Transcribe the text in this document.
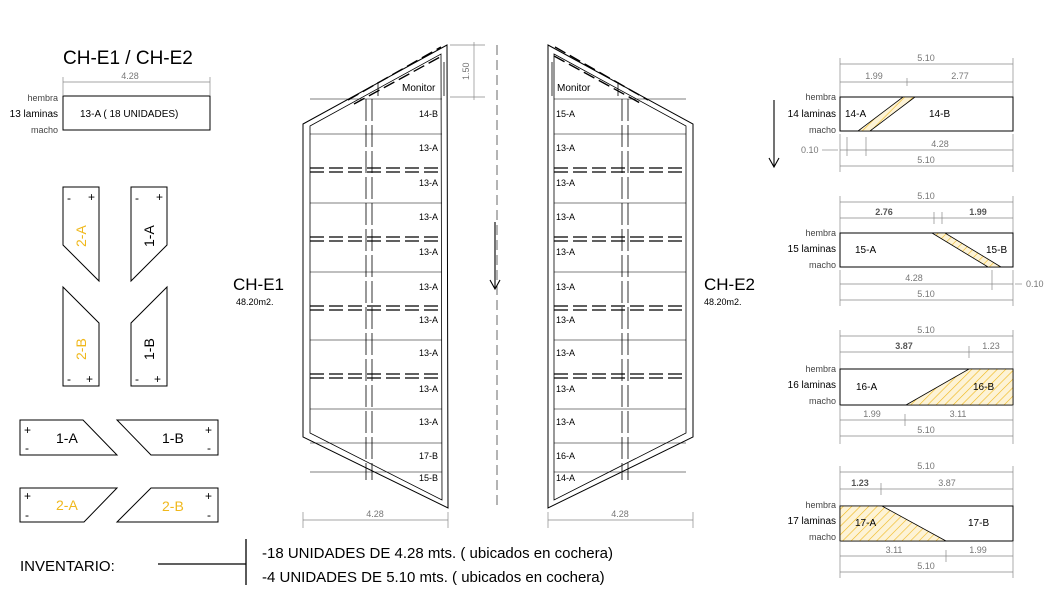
CH-E1 / CH-E2
4.28
hembra
13 laminas
macho
13-A ( 18 UNIDADES)
- +
2-A
- +
1-A
- +
2-B
- +
1-B
+
-
1-A	1-B +
-
+
-
2-A	2-B
+
-
INVENTARIO:
-18 UNIDADES DE 4.28 mts. ( ubicados en cochera)
-4 UNIDADES DE 5.10 mts. ( ubicados en cochera)
1.50
14-B
13-A
13-A
13-A
13-A
13-A
13-A
13-A
13-A
13-A
17-B
15-B
Monitor
CH-E1
48.20m2.
4.28
15-A
13-A
13-A
13-A
13-A
13-A
13-A
13-A
13-A
13-A
16-A
14-A
Monitor
CH-E2
48.20m2.
4.28
5.10
1.99	2.77
hembra
14 laminas
macho
14-A	14-B
0.10
4.28
5.10
5.10
2.76	1.99
hembra
15 laminas
macho
15-A	15-B
4.28
0.10
5.10
5.10
3.87	1.23
hembra
16 laminas
macho
16-A	16-B
1.99	3.11
5.10
5.10
1.23	3.87
hembra
17 laminas
macho
17-A	17-B
3.11	1.99
5.10
